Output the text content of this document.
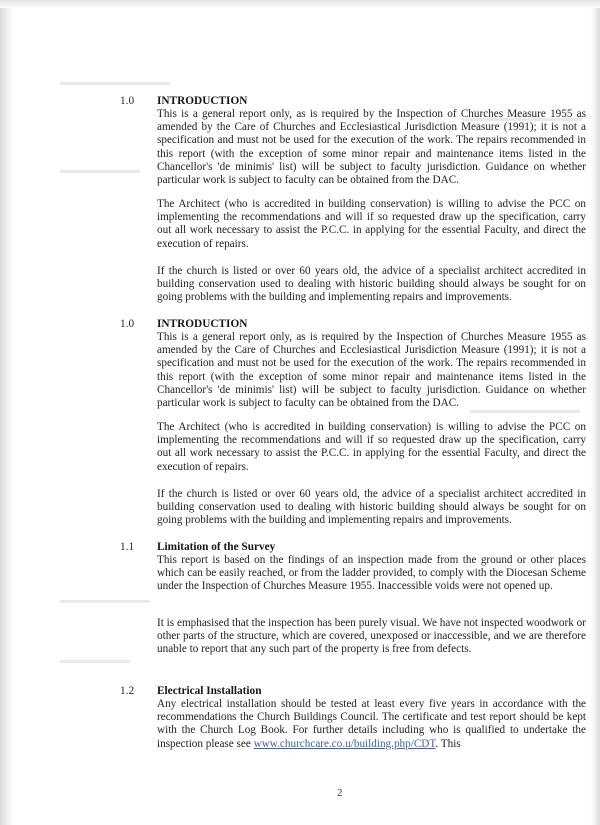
1.0 INTRODUCTION

This is a general report only, as is required by the Inspection of Churches Measure 1955 as amended by the Care of Churches and Ecclesiastical Jurisdiction Measure (1991); it is not a specification and must not be used for the execution of the work. The repairs recommended in this report (with the exception of some minor repair and maintenance items listed in the Chancellor's 'de minimis' list) will be subject to faculty jurisdiction. Guidance on whether particular work is subject to faculty can be obtained from the DAC.

The Architect (who is accredited in building conservation) is willing to advise the PCC on implementing the recommendations and will if so requested draw up the specification, carry out all work necessary to assist the P.C.C. in applying for the essential Faculty, and direct the execution of repairs.

If the church is listed or over 60 years old, the advice of a specialist architect accredited in building conservation used to dealing with historic building should always be sought for on going problems with the building and implementing repairs and improvements.

1.0 INTRODUCTION

This is a general report only, as is required by the Inspection of Churches Measure 1955 as amended by the Care of Churches and Ecclesiastical Jurisdiction Measure (1991); it is not a specification and must not be used for the execution of the work. The repairs recommended in this report (with the exception of some minor repair and maintenance items listed in the Chancellor's 'de minimis' list) will be subject to faculty jurisdiction. Guidance on whether particular work is subject to faculty can be obtained from the DAC.

The Architect (who is accredited in building conservation) is willing to advise the PCC on implementing the recommendations and will if so requested draw up the specification, carry out all work necessary to assist the P.C.C. in applying for the essential Faculty, and direct the execution of repairs.

If the church is listed or over 60 years old, the advice of a specialist architect accredited in building conservation used to dealing with historic building should always be sought for on going problems with the building and implementing repairs and improvements.

1.1 Limitation of the Survey

This report is based on the findings of an inspection made from the ground or other places which can be easily reached, or from the ladder provided, to comply with the Diocesan Scheme under the Inspection of Churches Measure 1955. Inaccessible voids were not opened up.

It is emphasised that the inspection has been purely visual. We have not inspected woodwork or other parts of the structure, which are covered, unexposed or inaccessible, and we are therefore unable to report that any such part of the property is free from defects.

1.2 Electrical Installation

Any electrical installation should be tested at least every five years in accordance with the recommendations the Church Buildings Council. The certificate and test report should be kept with the Church Log Book. For further details including who is qualified to undertake the inspection please see www.churchcare.co.u/building.php/CDT. This

2
